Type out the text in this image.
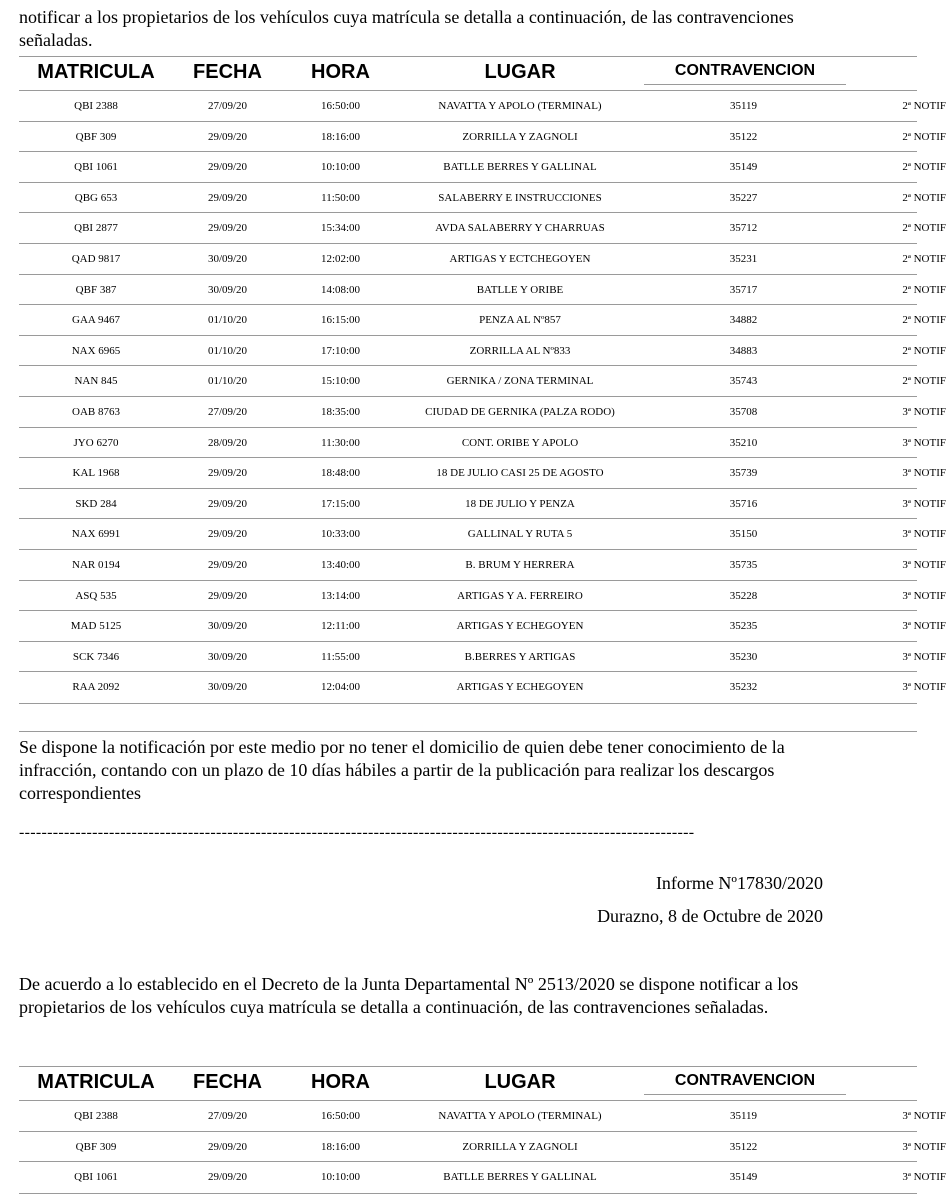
notificar a los propietarios de los vehículos cuya matrícula se detalla a continuación, de las contravenciones señaladas.

MATRICULA	FECHA	HORA	LUGAR	CONTRAVENCION
QBI 2388	27/09/20	16:50:00	NAVATTA Y APOLO (TERMINAL)	35119	2ª NOTIF
QBF 309	29/09/20	18:16:00	ZORRILLA Y ZAGNOLI	35122	2ª NOTIF
QBI 1061	29/09/20	10:10:00	BATLLE BERRES Y GALLINAL	35149	2ª NOTIF
QBG 653	29/09/20	11:50:00	SALABERRY E INSTRUCCIONES	35227	2ª NOTIF
QBI 2877	29/09/20	15:34:00	AVDA SALABERRY Y CHARRUAS	35712	2ª NOTIF
QAD 9817	30/09/20	12:02:00	ARTIGAS Y ECTCHEGOYEN	35231	2ª NOTIF
QBF 387	30/09/20	14:08:00	BATLLE Y ORIBE	35717	2ª NOTIF
GAA 9467	01/10/20	16:15:00	PENZA AL Nº857	34882	2ª NOTIF
NAX 6965	01/10/20	17:10:00	ZORRILLA AL Nº833	34883	2ª NOTIF
NAN 845	01/10/20	15:10:00	GERNIKA / ZONA TERMINAL	35743	2ª NOTIF
OAB 8763	27/09/20	18:35:00	CIUDAD DE GERNIKA (PALZA RODO)	35708	3ª NOTIF
JYO 6270	28/09/20	11:30:00	CONT. ORIBE Y APOLO	35210	3ª NOTIF
KAL 1968	29/09/20	18:48:00	18 DE JULIO CASI 25 DE AGOSTO	35739	3ª NOTIF
SKD 284	29/09/20	17:15:00	18 DE JULIO Y PENZA	35716	3ª NOTIF
NAX 6991	29/09/20	10:33:00	GALLINAL Y RUTA 5	35150	3ª NOTIF
NAR 0194	29/09/20	13:40:00	B. BRUM Y HERRERA	35735	3ª NOTIF
ASQ 535	29/09/20	13:14:00	ARTIGAS Y A. FERREIRO	35228	3ª NOTIF
MAD 5125	30/09/20	12:11:00	ARTIGAS Y ECHEGOYEN	35235	3ª NOTIF
SCK 7346	30/09/20	11:55:00	B.BERRES Y ARTIGAS	35230	3ª NOTIF
RAA 2092	30/09/20	12:04:00	ARTIGAS Y ECHEGOYEN	35232	3ª NOTIF

Se dispone la notificación por este medio por no tener el domicilio de quien debe tener conocimiento de la infracción, contando con un plazo de 10 días hábiles a partir de la publicación para realizar los descargos correspondientes

------------------------------------------------------------------------------------------------------------------------
Informe Nº17830/2020
Durazno, 8 de Octubre de 2020

De acuerdo a lo establecido en el Decreto de la Junta Departamental Nº 2513/2020 se dispone notificar a los propietarios de los vehículos cuya matrícula se detalla a continuación, de las contravenciones señaladas.

MATRICULA	FECHA	HORA	LUGAR	CONTRAVENCION
QBI 2388	27/09/20	16:50:00	NAVATTA Y APOLO (TERMINAL)	35119	3ª NOTIF
QBF 309	29/09/20	18:16:00	ZORRILLA Y ZAGNOLI	35122	3ª NOTIF
QBI 1061	29/09/20	10:10:00	BATLLE BERRES Y GALLINAL	35149	3ª NOTIF
